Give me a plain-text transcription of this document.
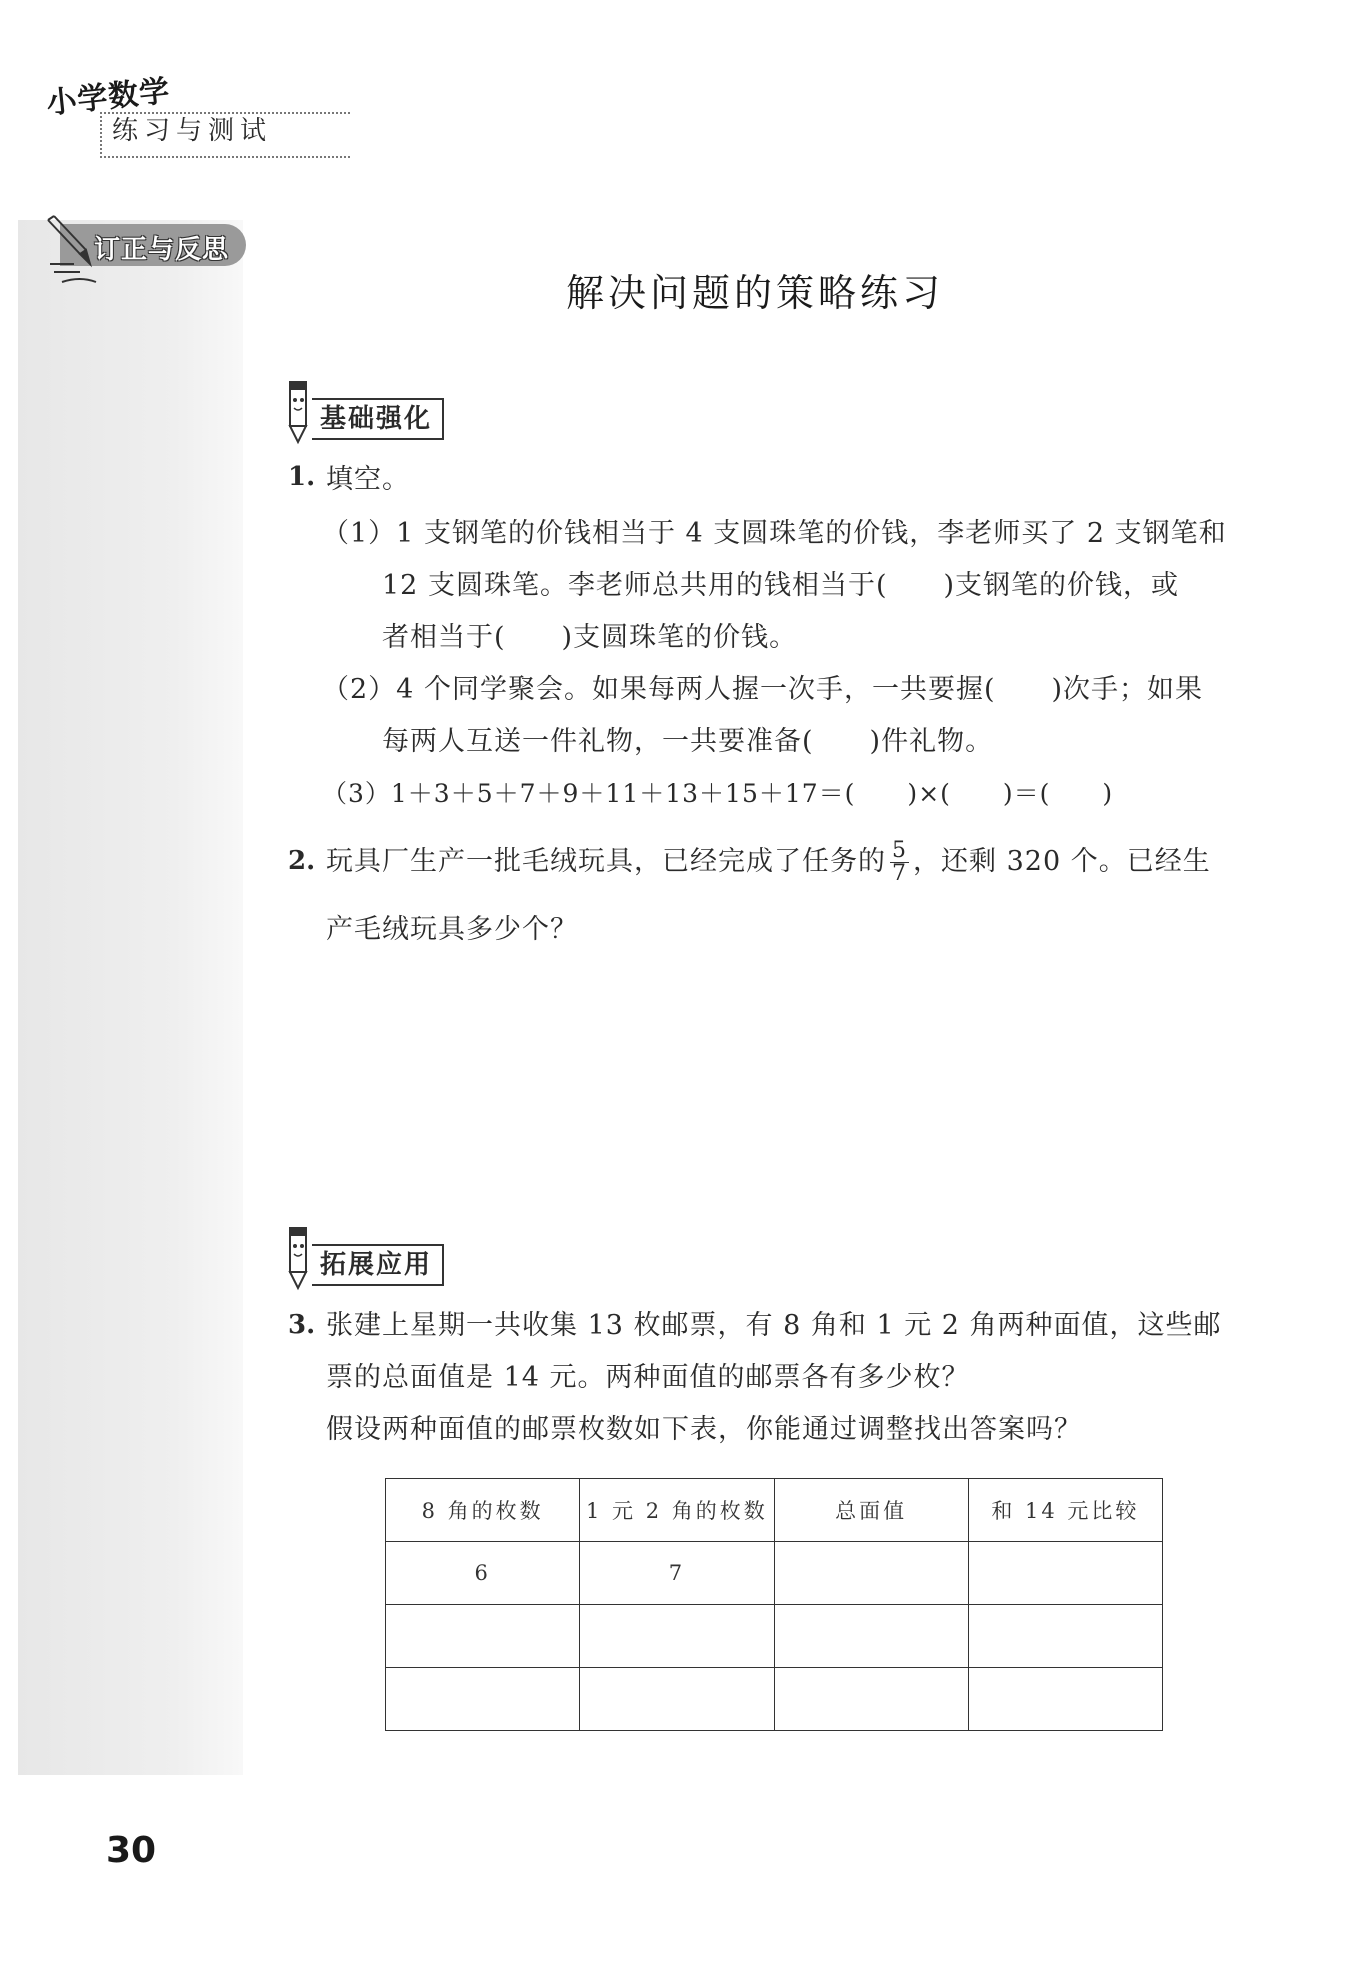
小学数学
练习与测试
订正与反思
解决问题的策略练习
基础强化
1. 填空。
（1）1 支钢笔的价钱相当于 4 支圆珠笔的价钱，李老师买了 2 支钢笔和
12 支圆珠笔。李老师总共用的钱相当于(　　)支钢笔的价钱，或
者相当于(　　)支圆珠笔的价钱。
（2）4 个同学聚会。如果每两人握一次手，一共要握(　　)次手；如果
每两人互送一件礼物，一共要准备(　　)件礼物。
（3）1＋3＋5＋7＋9＋11＋13＋15＋17＝(　　)×(　　)＝(　　)
2. 玩具厂生产一批毛绒玩具，已经完成了任务的 $\frac{5}{7}$ ，还剩 320 个。已经生
产毛绒玩具多少个？
拓展应用
3. 张建上星期一共收集 13 枚邮票，有 8 角和 1 元 2 角两种面值，这些邮
票的总面值是 14 元。两种面值的邮票各有多少枚？
假设两种面值的邮票枚数如下表，你能通过调整找出答案吗？
8 角的枚数	1 元 2 角的枚数	总面值	和 14 元比较
6	7		

30
